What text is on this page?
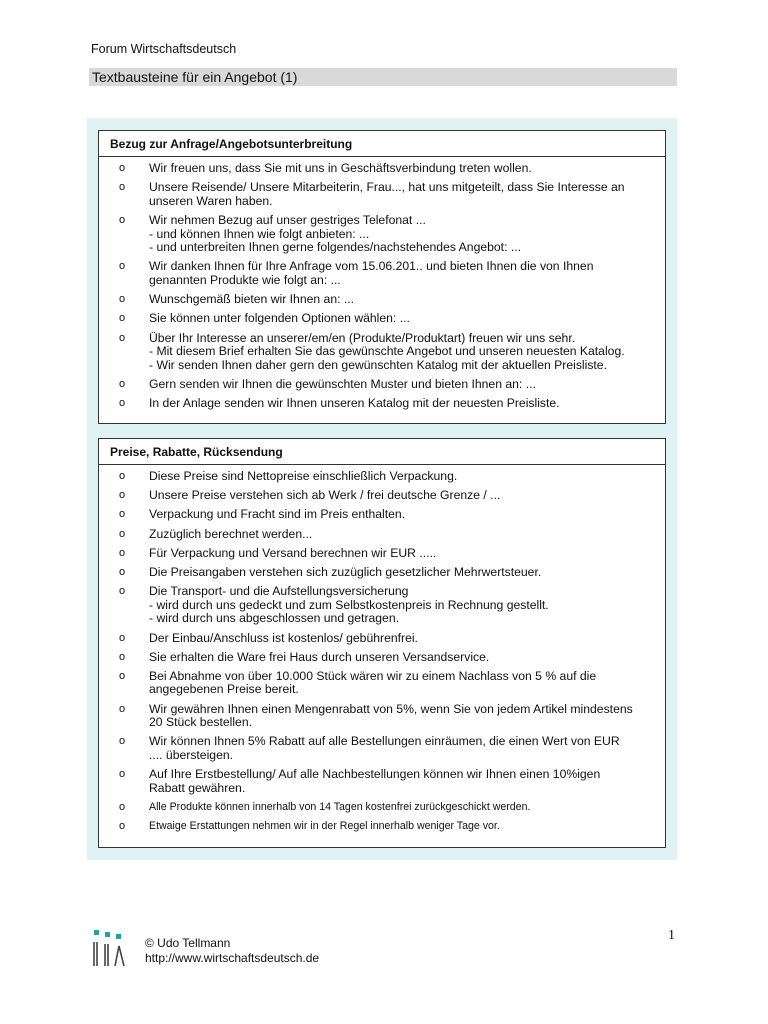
Forum Wirtschaftsdeutsch
Textbausteine für ein Angebot (1)
Bezug zur Anfrage/Angebotsunterbreitung
o Wir freuen uns, dass Sie mit uns in Geschäftsverbindung treten wollen.
o Unsere Reisende/ Unsere Mitarbeiterin, Frau..., hat uns mitgeteilt, dass Sie Interesse an
unseren Waren haben.
o Wir nehmen Bezug auf unser gestriges Telefonat ...
- und können Ihnen wie folgt anbieten: ...
- und unterbreiten Ihnen gerne folgendes/nachstehendes Angebot: ...
o Wir danken Ihnen für Ihre Anfrage vom 15.06.201.. und bieten Ihnen die von Ihnen
genannten Produkte wie folgt an: ...
o Wunschgemäß bieten wir Ihnen an: ...
o Sie können unter folgenden Optionen wählen: ...
o Über Ihr Interesse an unserer/em/en (Produkte/Produktart) freuen wir uns sehr.
- Mit diesem Brief erhalten Sie das gewünschte Angebot und unseren neuesten Katalog.
- Wir senden Ihnen daher gern den gewünschten Katalog mit der aktuellen Preisliste.
o Gern senden wir Ihnen die gewünschten Muster und bieten Ihnen an: ...
o In der Anlage senden wir Ihnen unseren Katalog mit der neuesten Preisliste.
Preise, Rabatte, Rücksendung
o Diese Preise sind Nettopreise einschließlich Verpackung.
o Unsere Preise verstehen sich ab Werk / frei deutsche Grenze / ...
o Verpackung und Fracht sind im Preis enthalten.
o Zuzüglich berechnet werden...
o Für Verpackung und Versand berechnen wir EUR .....
o Die Preisangaben verstehen sich zuzüglich gesetzlicher Mehrwertsteuer.
o Die Transport- und die Aufstellungsversicherung
- wird durch uns gedeckt und zum Selbstkostenpreis in Rechnung gestellt.
- wird durch uns abgeschlossen und getragen.
o Der Einbau/Anschluss ist kostenlos/ gebührenfrei.
o Sie erhalten die Ware frei Haus durch unseren Versandservice.
o Bei Abnahme von über 10.000 Stück wären wir zu einem Nachlass von 5 % auf die
angegebenen Preise bereit.
o Wir gewähren Ihnen einen Mengenrabatt von 5%, wenn Sie von jedem Artikel mindestens
20 Stück bestellen.
o Wir können Ihnen 5% Rabatt auf alle Bestellungen einräumen, die einen Wert von EUR
.... übersteigen.
o Auf Ihre Erstbestellung/ Auf alle Nachbestellungen können wir Ihnen einen 10%igen
Rabatt gewähren.
o Alle Produkte können innerhalb von 14 Tagen kostenfrei zurückgeschickt werden.
o Etwaige Erstattungen nehmen wir in der Regel innerhalb weniger Tage vor.
© Udo Tellmann
http://www.wirtschaftsdeutsch.de
1
